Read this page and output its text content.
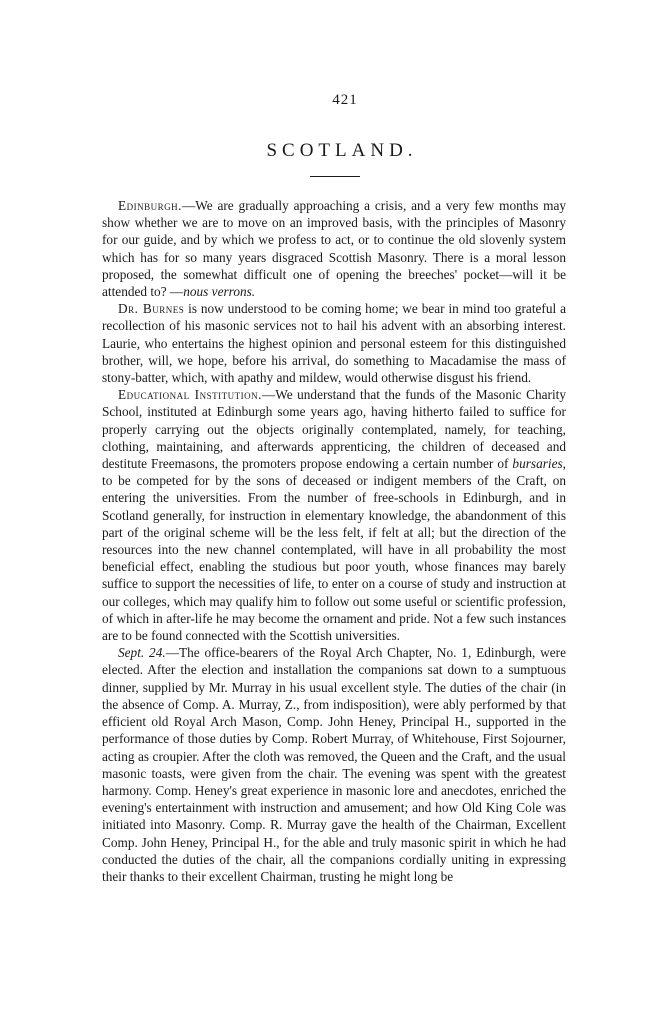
421
SCOTLAND.

Edinburgh.—We are gradually approaching a crisis, and a very few months may show whether we are to move on an improved basis, with the principles of Masonry for our guide, and by which we profess to act, or to continue the old slovenly system which has for so many years disgraced Scottish Masonry. There is a moral lesson proposed, the somewhat difficult one of opening the breeches' pocket—will it be attended to? —nous verrons.

Dr. Burnes is now understood to be coming home; we bear in mind too grateful a recollection of his masonic services not to hail his advent with an absorbing interest. Laurie, who entertains the highest opinion and personal esteem for this distinguished brother, will, we hope, before his arrival, do something to Macadamise the mass of stony-batter, which, with apathy and mildew, would otherwise disgust his friend.

Educational Institution.—We understand that the funds of the Masonic Charity School, instituted at Edinburgh some years ago, having hitherto failed to suffice for properly carrying out the objects originally contemplated, namely, for teaching, clothing, maintaining, and afterwards apprenticing, the children of deceased and destitute Freemasons, the promoters propose endowing a certain number of bursaries, to be competed for by the sons of deceased or indigent members of the Craft, on entering the universities. From the number of free-schools in Edinburgh, and in Scotland generally, for instruction in elementary knowledge, the abandonment of this part of the original scheme will be the less felt, if felt at all; but the direction of the resources into the new channel contemplated, will have in all probability the most beneficial effect, enabling the studious but poor youth, whose finances may barely suffice to support the necessities of life, to enter on a course of study and instruction at our colleges, which may qualify him to follow out some useful or scientific profession, of which in after-life he may become the ornament and pride. Not a few such instances are to be found connected with the Scottish universities.

Sept. 24.—The office-bearers of the Royal Arch Chapter, No. 1, Edinburgh, were elected. After the election and installation the companions sat down to a sumptuous dinner, supplied by Mr. Murray in his usual excellent style. The duties of the chair (in the absence of Comp. A. Murray, Z., from indisposition), were ably performed by that efficient old Royal Arch Mason, Comp. John Heney, Principal H., supported in the performance of those duties by Comp. Robert Murray, of Whitehouse, First Sojourner, acting as croupier. After the cloth was removed, the Queen and the Craft, and the usual masonic toasts, were given from the chair. The evening was spent with the greatest harmony. Comp. Heney's great experience in masonic lore and anecdotes, enriched the evening's entertainment with instruction and amusement; and how Old King Cole was initiated into Masonry. Comp. R. Murray gave the health of the Chairman, Excellent Comp. John Heney, Principal H., for the able and truly masonic spirit in which he had conducted the duties of the chair, all the companions cordially uniting in expressing their thanks to their excellent Chairman, trusting he might long be
